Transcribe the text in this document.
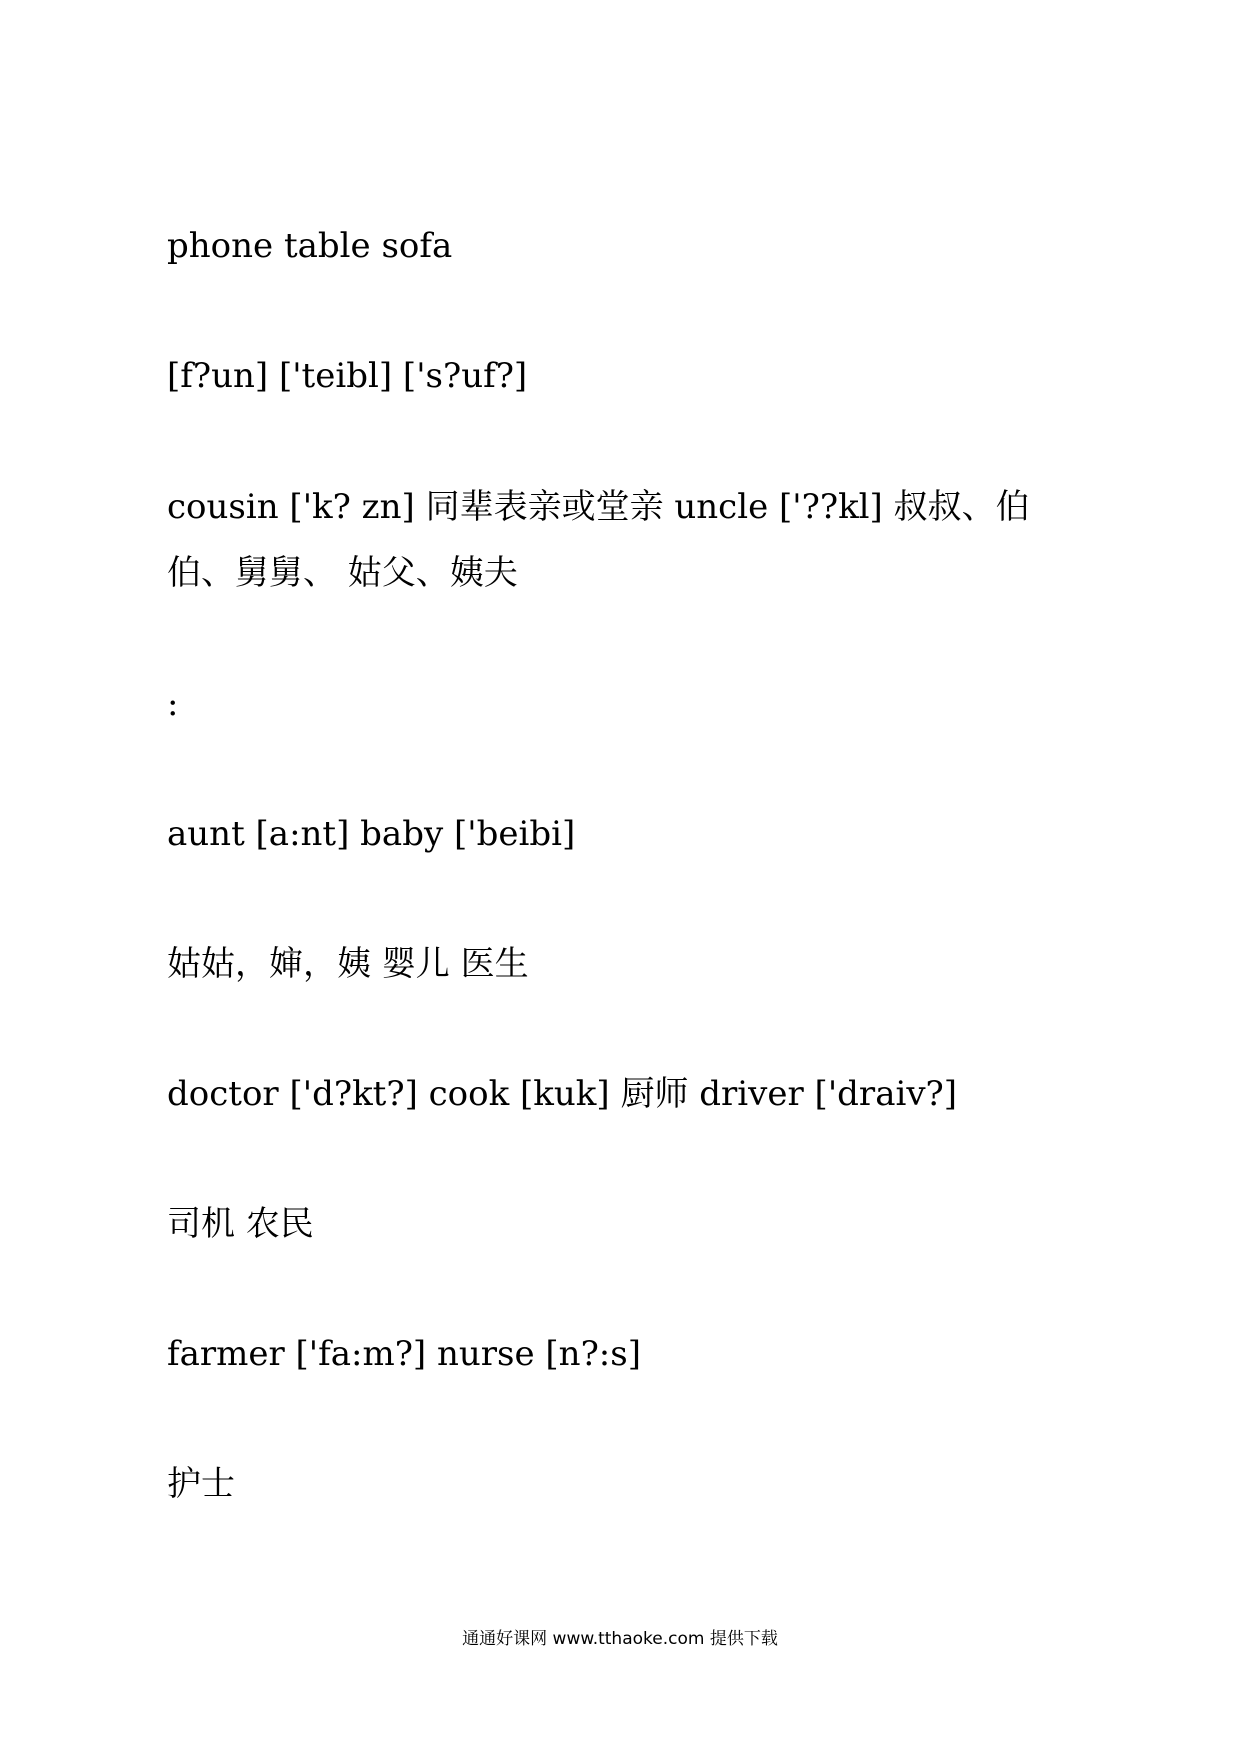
phone table sofa

[f?un] ['teibl] ['s?uf?]

cousin ['k? zn] 同辈表亲或堂亲 uncle ['??kl] 叔叔、伯伯、舅舅、 姑父、姨夫

:

aunt [a:nt] baby ['beibi]

姑姑，婶，姨 婴儿 医生

doctor ['d?kt?] cook [kuk] 厨师 driver ['draiv?]

司机 农民

farmer ['fa:m?] nurse [n?:s]

护士

通通好课网 www.tthaoke.com 提供下载
